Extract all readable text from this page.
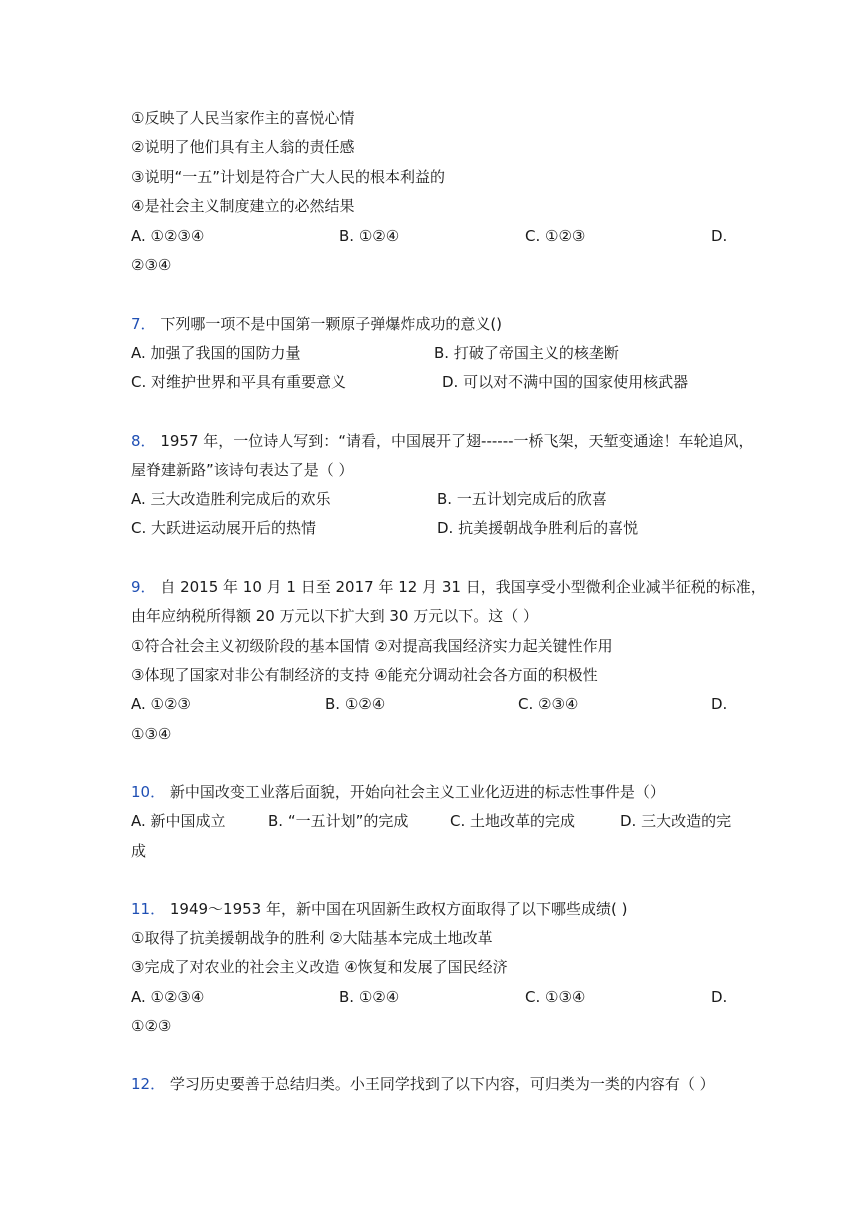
①反映了人民当家作主的喜悦心情
②说明了他们具有主人翁的责任感
③说明“一五”计划是符合广大人民的根本利益的
④是社会主义制度建立的必然结果
A. ①②③④	B. ①②④	C. ①②③	D.
②③④
7． 下列哪一项不是中国第一颗原子弹爆炸成功的意义()
A. 加强了我国的国防力量	B. 打破了帝国主义的核垄断
C. 对维护世界和平具有重要意义	D. 可以对不满中国的国家使用核武器
8． 1957 年，一位诗人写到：“请看，中国展开了翅------一桥飞架，天堑变通途！车轮追风，
屋脊建新路”该诗句表达了是（ ）
A. 三大改造胜利完成后的欢乐	B. 一五计划完成后的欣喜
C. 大跃进运动展开后的热情	D. 抗美援朝战争胜利后的喜悦
9． 自 2015 年 10 月 1 日至 2017 年 12 月 31 日，我国享受小型微利企业减半征税的标准，
由年应纳税所得额 20 万元以下扩大到 30 万元以下。这（ ）
①符合社会主义初级阶段的基本国情 ②对提高我国经济实力起关键性作用
③体现了国家对非公有制经济的支持 ④能充分调动社会各方面的积极性
A. ①②③	B. ①②④	C. ②③④	D.
①③④
10． 新中国改变工业落后面貌，开始向社会主义工业化迈进的标志性事件是（）
A. 新中国成立	B. “一五计划”的完成	C. 土地改革的完成	D. 三大改造的完
成
11． 1949～1953 年，新中国在巩固新生政权方面取得了以下哪些成绩( )
①取得了抗美援朝战争的胜利 ②大陆基本完成土地改革
③完成了对农业的社会主义改造 ④恢复和发展了国民经济
A. ①②③④	B. ①②④	C. ①③④	D.
①②③
12． 学习历史要善于总结归类。小王同学找到了以下内容，可归类为一类的内容有（ ）
